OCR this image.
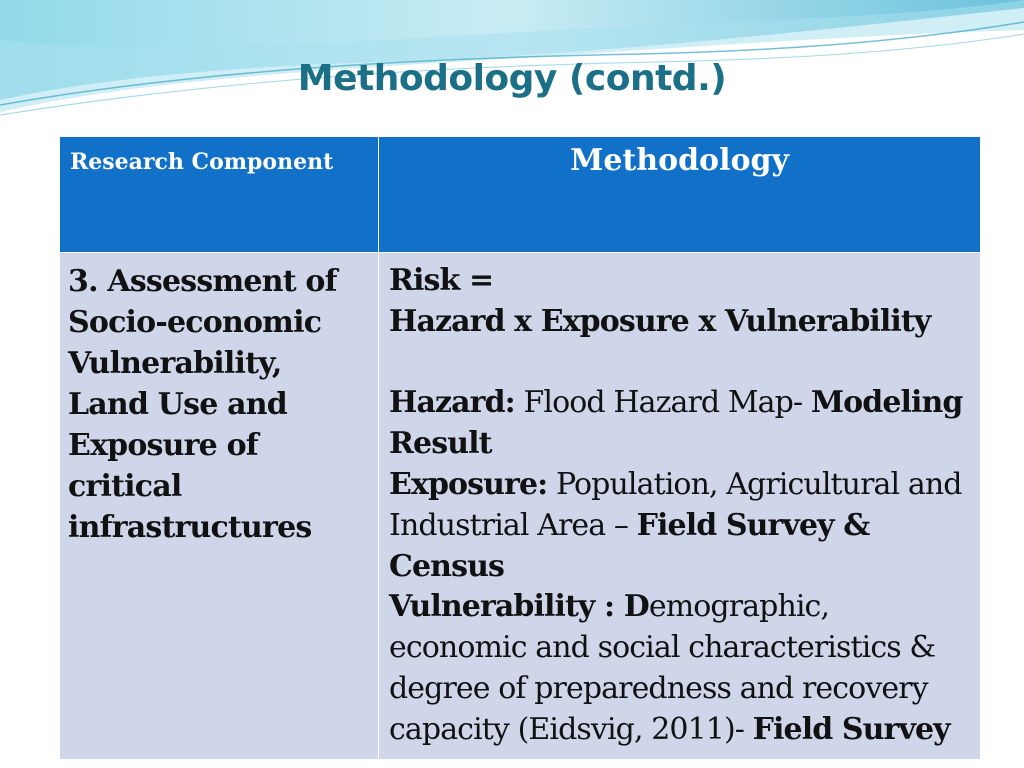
Methodology (contd.)
Research Component	Methodology
3. Assessment of Socio-economic Vulnerability, Land Use and Exposure of critical infrastructures	Risk =

Hazard x Exposure x Vulnerability

Hazard: Flood Hazard Map- Modeling Result

Exposure: Population, Agricultural and Industrial Area – Field Survey & Census

Vulnerability : Demographic, economic and social characteristics & degree of preparedness and recovery capacity (Eidsvig, 2011)- Field Survey
